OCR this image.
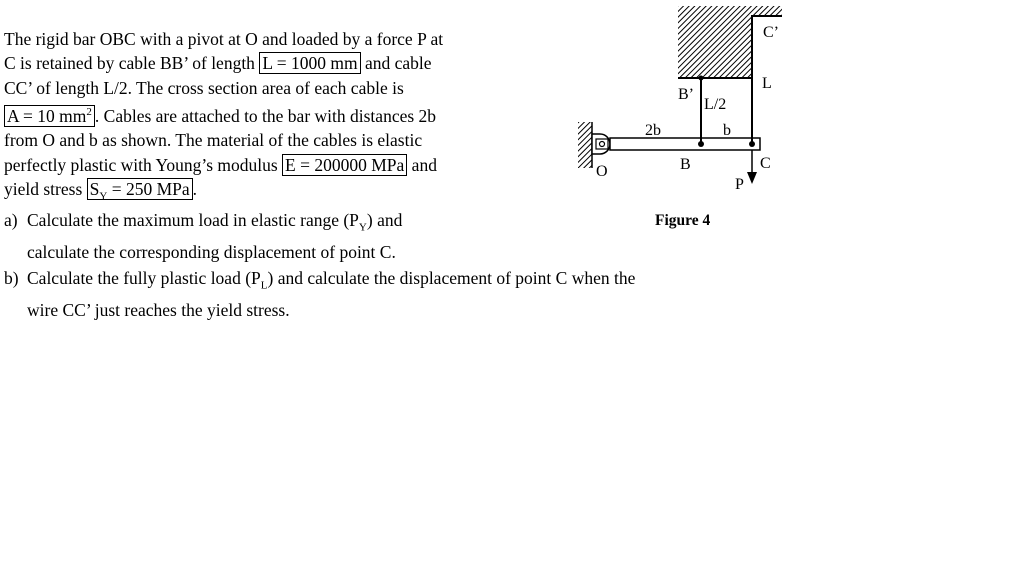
The rigid bar OBC with a pivot at O and loaded by a force P at

C is retained by cable BB’ of length L = 1000 mm and cable

CC’ of length L/2. The cross section area of each cable is

A = 10 $mm^2$ . Cables are attached to the bar with distances 2b

from O and b as shown. The material of the cables is elastic

perfectly plastic with Young’s modulus E = 200000 MPa and

yield stress $S_Y = 250$ MPa .

a) Calculate the maximum load in elastic range $(P_Y)$ and
calculate the corresponding displacement of point C.
b) Calculate the fully plastic load $(P_L)$ and calculate the displacement of point C when the
wire CC’ just reaches the yield stress.
C’
B’
L/2
L
2b	b
O	B	C
P
Figure 4
